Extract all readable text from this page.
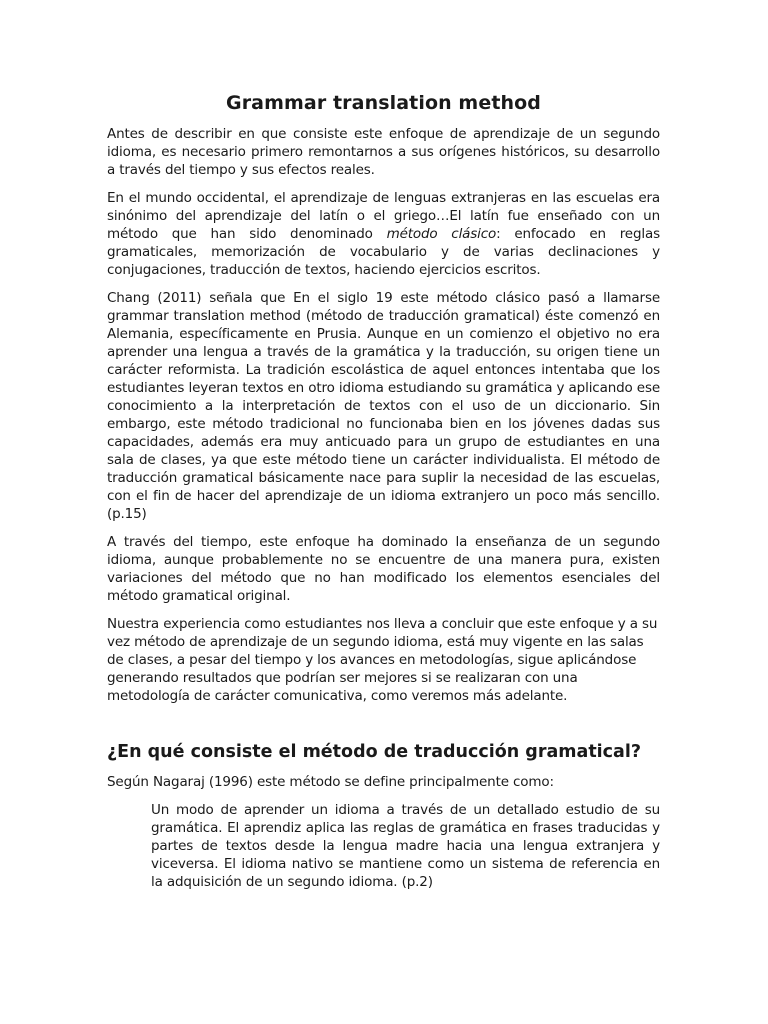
Grammar translation method

Antes de describir en que consiste este enfoque de aprendizaje de un segundo idioma, es necesario primero remontarnos a sus orígenes históricos, su desarrollo a través del tiempo y sus efectos reales.

En el mundo occidental, el aprendizaje de lenguas extranjeras en las escuelas era sinónimo del aprendizaje del latín o el griego…El latín fue enseñado con un método que han sido denominado método clásico: enfocado en reglas gramaticales, memorización de vocabulario y de varias declinaciones y conjugaciones, traducción de textos, haciendo ejercicios escritos.

Chang (2011) señala que En el siglo 19 este método clásico pasó a llamarse grammar translation method (método de traducción gramatical) éste comenzó en Alemania, específicamente en Prusia. Aunque en un comienzo el objetivo no era aprender una lengua a través de la gramática y la traducción, su origen tiene un carácter reformista. La tradición escolástica de aquel entonces intentaba que los estudiantes leyeran textos en otro idioma estudiando su gramática y aplicando ese conocimiento a la interpretación de textos con el uso de un diccionario. Sin embargo, este método tradicional no funcionaba bien en los jóvenes dadas sus capacidades, además era muy anticuado para un grupo de estudiantes en una sala de clases, ya que este método tiene un carácter individualista. El método de traducción gramatical básicamente nace para suplir la necesidad de las escuelas, con el fin de hacer del aprendizaje de un idioma extranjero un poco más sencillo. (p.15)

A través del tiempo, este enfoque ha dominado la enseñanza de un segundo idioma, aunque probablemente no se encuentre de una manera pura, existen variaciones del método que no han modificado los elementos esenciales del método gramatical original.

Nuestra experiencia como estudiantes nos lleva a concluir que este enfoque y a su vez método de aprendizaje de un segundo idioma, está muy vigente en las salas de clases, a pesar del tiempo y los avances en metodologías, sigue aplicándose generando resultados que podrían ser mejores si se realizaran con una metodología de carácter comunicativa, como veremos más adelante.

¿En qué consiste el método de traducción gramatical?

Según Nagaraj (1996) este método se define principalmente como:

Un modo de aprender un idioma a través de un detallado estudio de su gramática. El aprendiz aplica las reglas de gramática en frases traducidas y partes de textos desde la lengua madre hacia una lengua extranjera y viceversa. El idioma nativo se mantiene como un sistema de referencia en la adquisición de un segundo idioma. (p.2)
